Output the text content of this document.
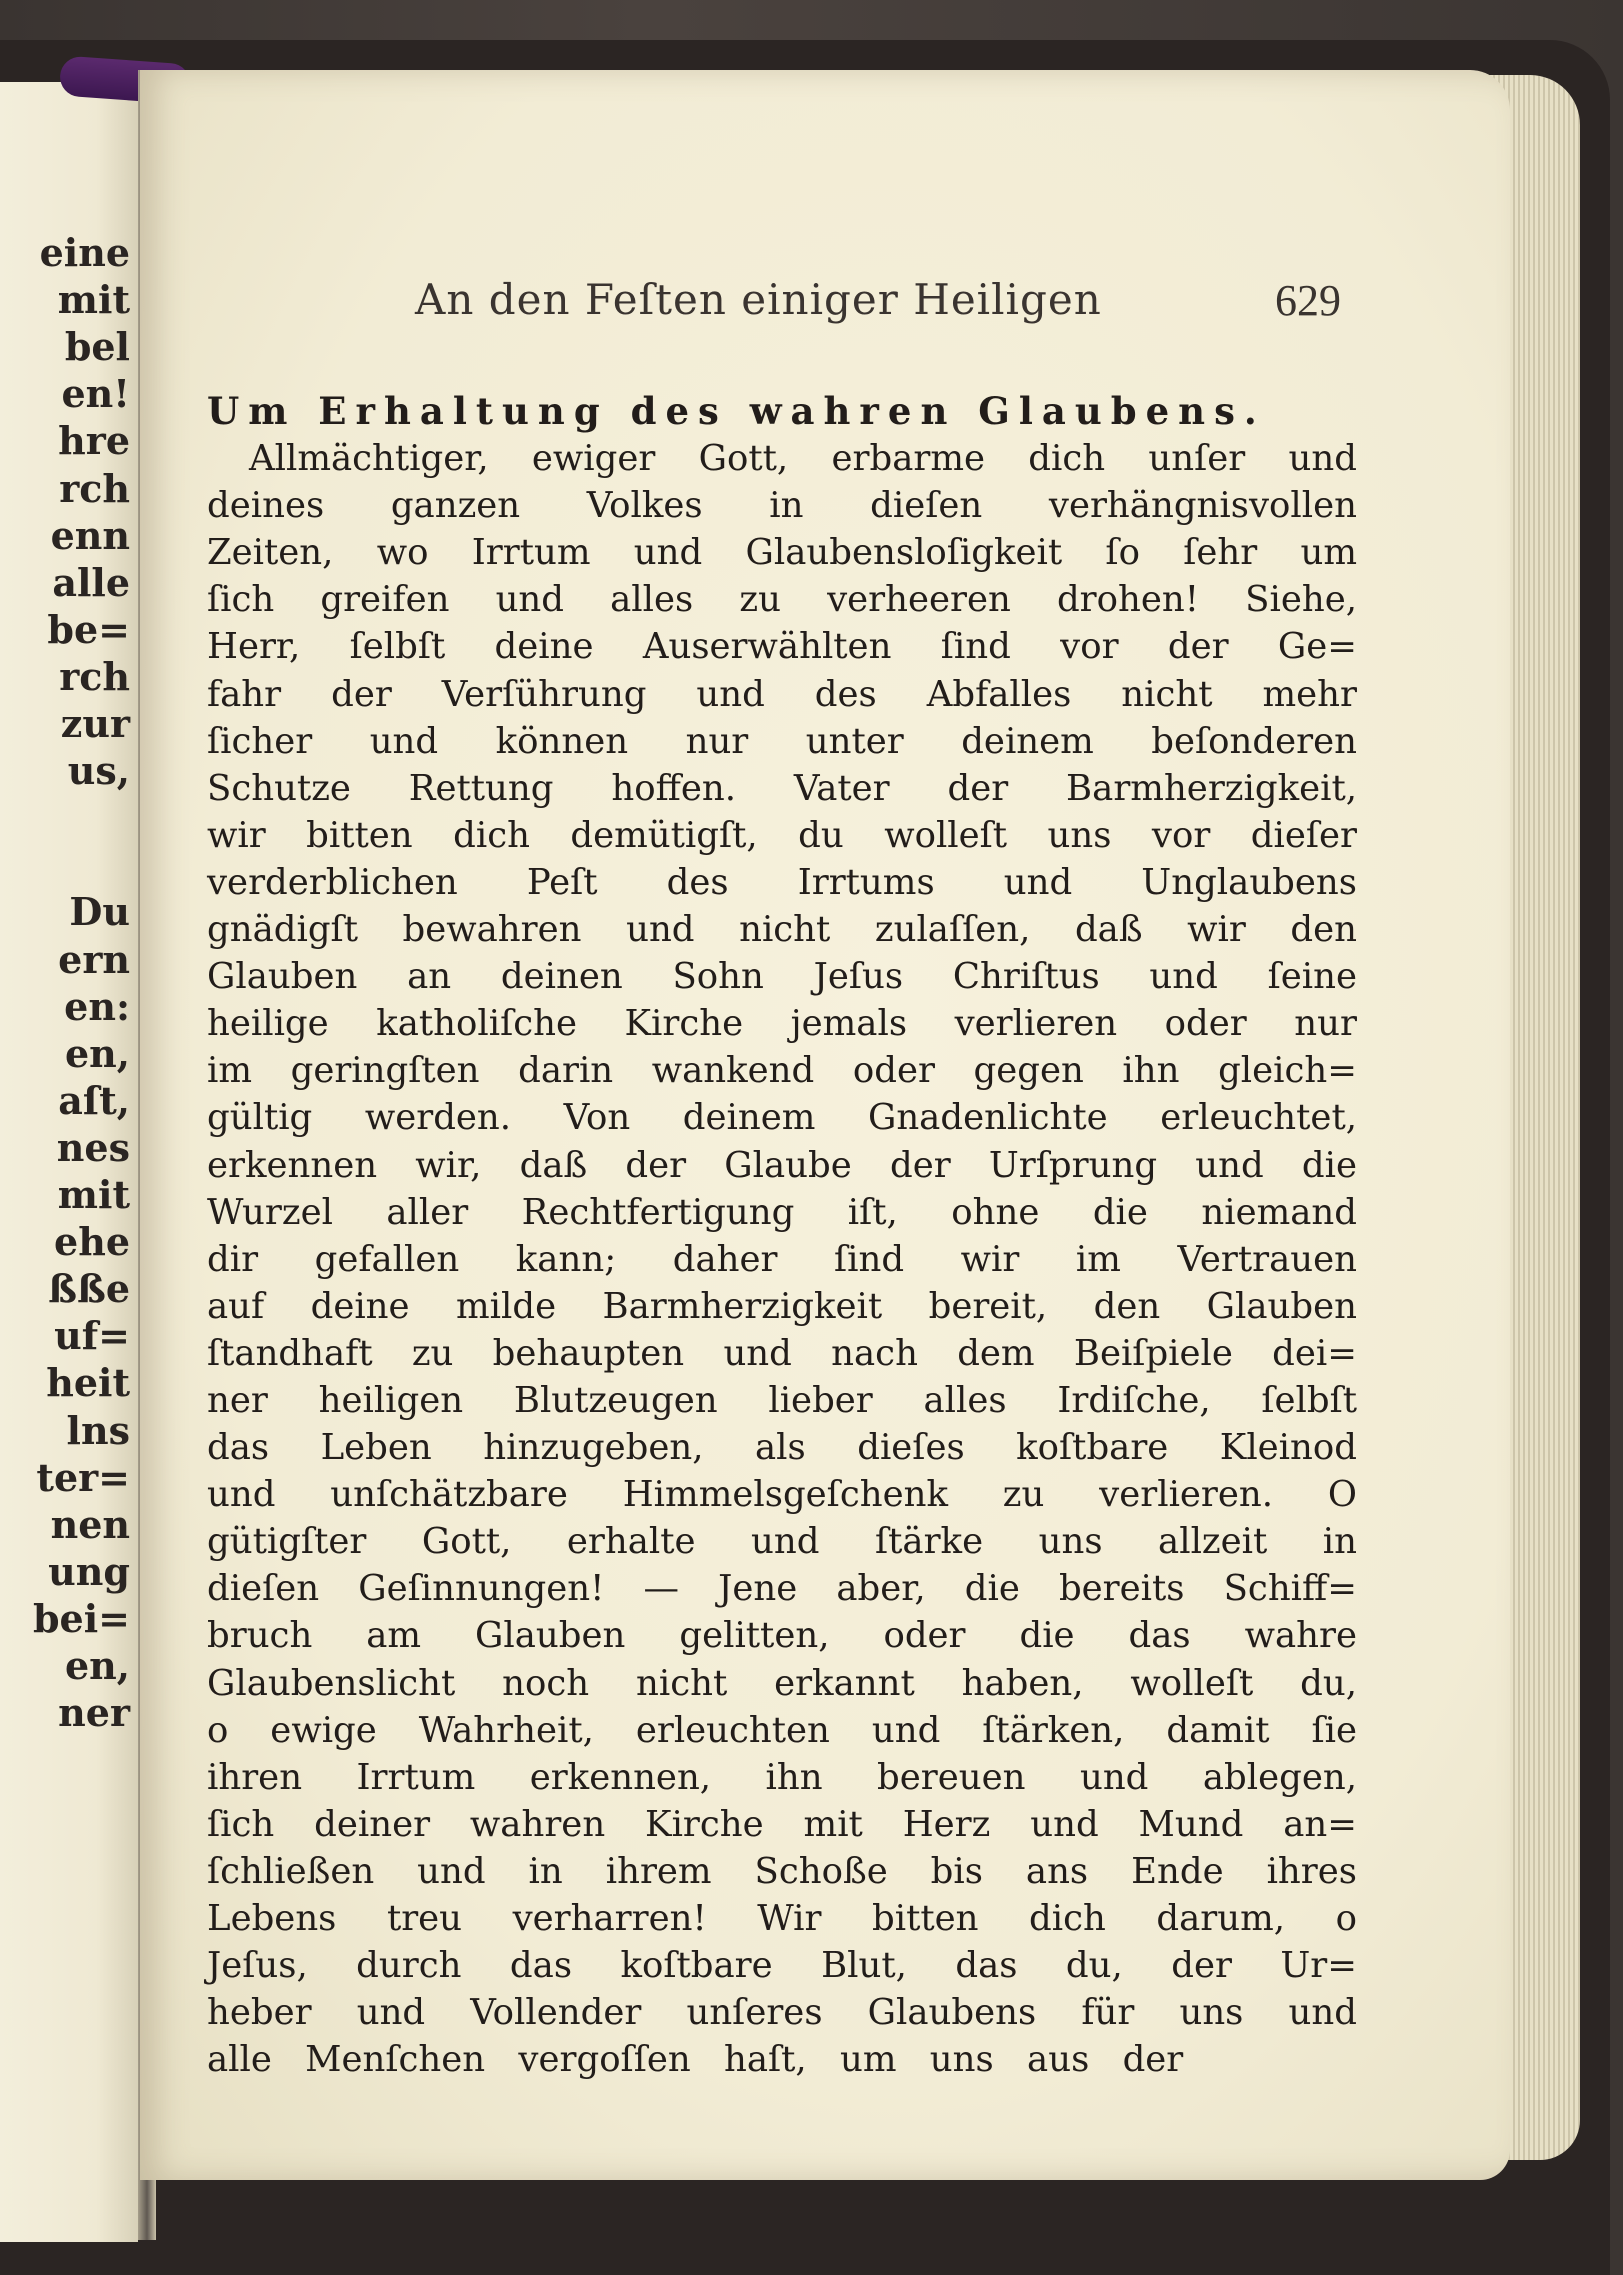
eine
mit
bel
en!
hre
rch
enn
alle
be=
rch
zur
us,
Du
ern
en:
en,
aſt,
nes
mit
ehe
ßße
uf=
heit
lns
ter=
nen
ung
bei=
en,
ner
An den Feſten einiger Heiligen	629
Um Erhaltung des wahren Glaubens.
Allmächtiger, ewiger Gott, erbarme dich unſer und
deines ganzen Volkes in dieſen verhängnisvollen
Zeiten, wo Irrtum und Glaubensloſigkeit ſo ſehr um
ſich greifen und alles zu verheeren drohen! Siehe,
Herr, ſelbſt deine Auserwählten ſind vor der Ge=
fahr der Verſührung und des Abfalles nicht mehr
ſicher und können nur unter deinem beſonderen
Schutze Rettung hoffen. Vater der Barmherzigkeit,
wir bitten dich demütigſt, du wolleſt uns vor dieſer
verderblichen Peſt des Irrtums und Unglaubens
gnädigſt bewahren und nicht zulaſſen, daß wir den
Glauben an deinen Sohn Jeſus Chriſtus und ſeine
heilige katholiſche Kirche jemals verlieren oder nur
im geringſten darin wankend oder gegen ihn gleich=
gültig werden. Von deinem Gnadenlichte erleuchtet,
erkennen wir, daß der Glaube der Urſprung und die
Wurzel aller Rechtfertigung iſt, ohne die niemand
dir gefallen kann; daher ſind wir im Vertrauen
auf deine milde Barmherzigkeit bereit, den Glauben
ſtandhaft zu behaupten und nach dem Beiſpiele dei=
ner heiligen Blutzeugen lieber alles Irdiſche, ſelbſt
das Leben hinzugeben, als dieſes koſtbare Kleinod
und unſchätzbare Himmelsgeſchenk zu verlieren. O
gütigſter Gott, erhalte und ſtärke uns allzeit in
dieſen Geſinnungen! — Jene aber, die bereits Schiff=
bruch am Glauben gelitten, oder die das wahre
Glaubenslicht noch nicht erkannt haben, wolleſt du,
o ewige Wahrheit, erleuchten und ſtärken, damit ſie
ihren Irrtum erkennen, ihn bereuen und ablegen,
ſich deiner wahren Kirche mit Herz und Mund an=
ſchließen und in ihrem Schoße bis ans Ende ihres
Lebens treu verharren! Wir bitten dich darum, o
Jeſus, durch das koſtbare Blut, das du, der Ur=
heber und Vollender unſeres Glaubens für uns und
alle Menſchen vergoſſen haſt, um uns aus der
